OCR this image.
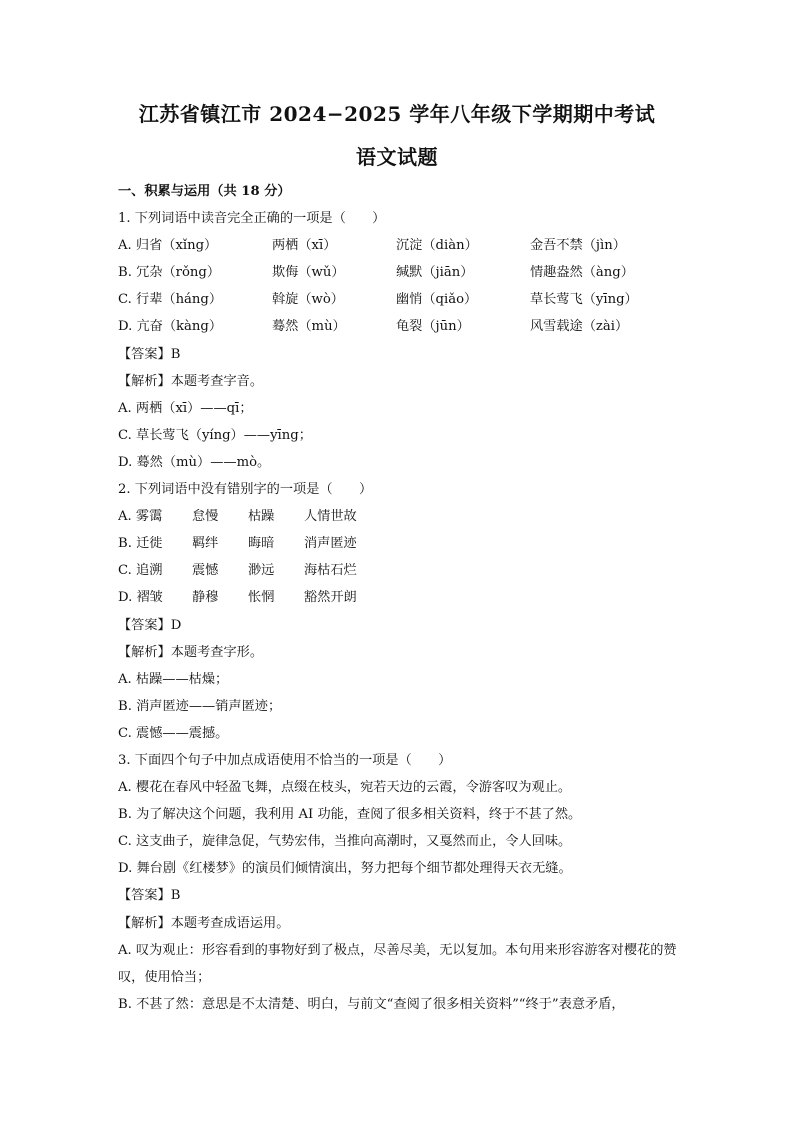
江苏省镇江市 2024−2025 学年八年级下学期期中考试
语文试题
一、积累与运用（共 18 分）
1. 下列词语中读音完全正确的一项是（　　）
A. 归省（xǐng）	两栖（xī）	沉淀（diàn）	金吾不禁（jìn）
B. 冗杂（rǒng）	欺侮（wǔ）	缄默（jiān）	情趣盎然（àng）
C. 行辈（háng）	斡旋（wò）	幽悄（qiǎo）	草长莺飞（yīng）
D. 亢奋（kàng）	蓦然（mù）	龟裂（jūn）	风雪载途（zài）
【答案】B
【解析】本题考查字音。
A. 两栖（xī）——qī；
C. 草长莺飞（yíng）——yīng；
D. 蓦然（mù）——mò。
2. 下列词语中没有错别字的一项是（　　）
A. 雾霭 怠慢 枯躁 人情世故
B. 迁徙 羁绊 晦暗 消声匿迹
C. 追溯 震憾 渺远 海枯石烂
D. 褶皱 静穆 怅惘 豁然开朗
【答案】D
【解析】本题考查字形。
A. 枯躁——枯燥；
B. 消声匿迹——销声匿迹；
C. 震憾——震撼。
3. 下面四个句子中加点成语使用不恰当的一项是（　　）
A. 樱花在春风中轻盈飞舞，点缀在枝头，宛若天边的云霞，令游客叹为观止。
B. 为了解决这个问题，我利用 AI 功能，查阅了很多相关资料，终于不甚了然。
C. 这支曲子，旋律急促，气势宏伟，当推向高潮时，又戛然而止，令人回味。
D. 舞台剧《红楼梦》的演员们倾情演出，努力把每个细节都处理得天衣无缝。
【答案】B
【解析】本题考查成语运用。
A. 叹为观止：形容看到的事物好到了极点，尽善尽美，无以复加。本句用来形容游客对樱花的赞叹，使用恰当；
B. 不甚了然：意思是不太清楚、明白，与前文“查阅了很多相关资料”“终于”表意矛盾，
